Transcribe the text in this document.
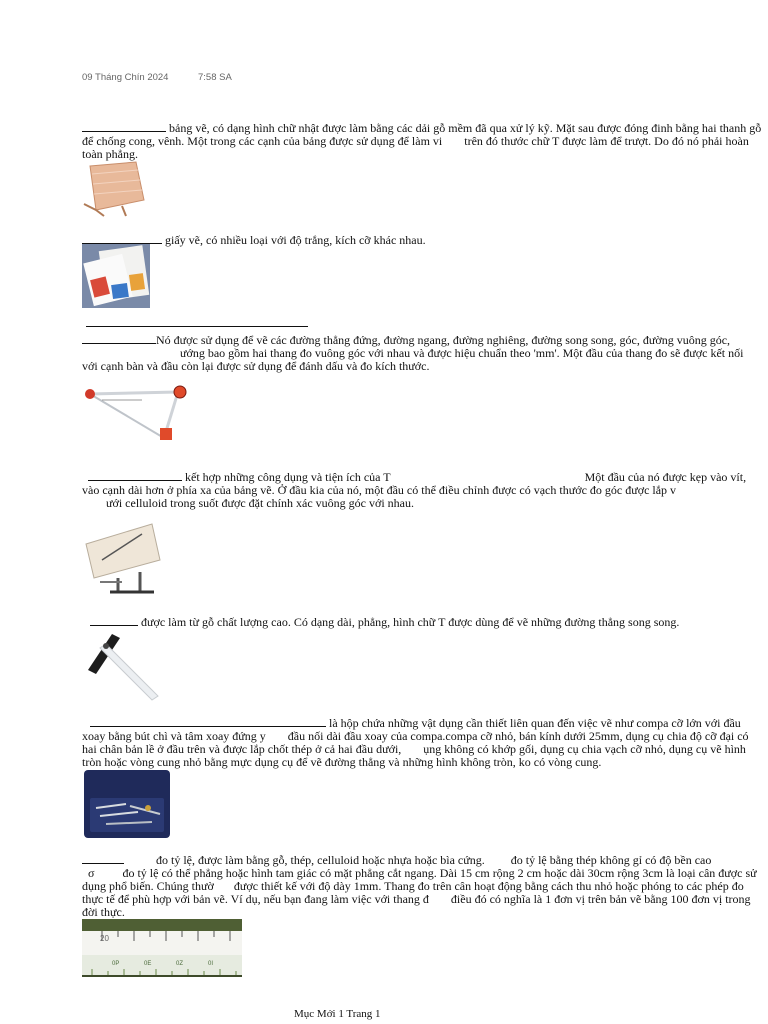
09 Tháng Chín 2024	7:58 SA

bảng vẽ, có dạng hình chữ nhật được làm bằng các dải gỗ mềm đã qua xử lý kỹ. Mặt sau được đóng đinh bằng hai thanh gỗ để chống cong, vênh. Một trong các cạnh của bảng được sử dụng để làm vi trên đó thước chữ T được làm để trượt. Do đó nó phải hoàn toàn phẳng.

giấy vẽ, có nhiều loại với độ trắng, kích cỡ khác nhau.

Nó được sử dụng để vẽ các đường thẳng đứng, đường ngang, đường nghiêng, đường song song, góc, đường vuông góc,
ướng bao gồm hai thang đo vuông góc với nhau và được hiệu chuẩn theo 'mm'. Một đầu của thang đo sẽ được kết nối với cạnh bàn và đầu còn lại được sử dụng để đánh dấu và đo kích thước.

kết hợp những công dụng và tiện ích của T	Một đầu của nó được kẹp vào vít, vào cạnh dài hơn ở phía xa của bảng vẽ. Ở đầu kia của nó, một đầu có thể điều chỉnh được có vạch thước đo góc được lắp v
ưới celluloid trong suốt được đặt chính xác vuông góc với nhau.

được làm từ gỗ chất lượng cao. Có dạng dài, phẳng, hình chữ T được dùng để vẽ những đường thẳng song song.

là hộp chứa những vật dụng cần thiết liên quan đến việc vẽ như compa cỡ lớn với đầu xoay bằng bút chì và tâm xoay đứng y đầu nối dài đầu xoay của compa.compa cỡ nhỏ, bán kính dưới 25mm, dụng cụ chia độ cỡ đại có hai chân bản lề ở đầu trên và được lắp chốt thép ở cả hai đầu dưới, ụng không có khớp gối, dụng cụ chia vạch cỡ nhỏ, dụng cụ vẽ hình tròn hoặc vòng cung nhỏ bằng mực dụng cụ để vẽ đường thẳng và những hình không tròn, ko có vòng cung.

đo tỷ lệ, được làm bằng gỗ, thép, celluloid hoặc nhựa hoặc bìa cứng. đo tỷ lệ bằng thép không gỉ có độ bền cao
σ đo tỷ lệ có thể phẳng hoặc hình tam giác có mặt phẳng cắt ngang. Dài 15 cm rộng 2 cm hoặc dài 30cm rộng 3cm là loại cân được sử dụng phổ biến. Chúng thườ được thiết kế với độ dày 1mm. Thang đo trên cân hoạt động bằng cách thu nhỏ hoặc phóng to các phép đo thực tế để phù hợp với bản vẽ. Ví dụ, nếu bạn đang làm việc với thang đ điều đó có nghĩa là 1 đơn vị trên bản vẽ bằng 100 đơn vị trong đời thực.

20
0P	0E	0Z	0I
Mục Mới 1 Trang 1
